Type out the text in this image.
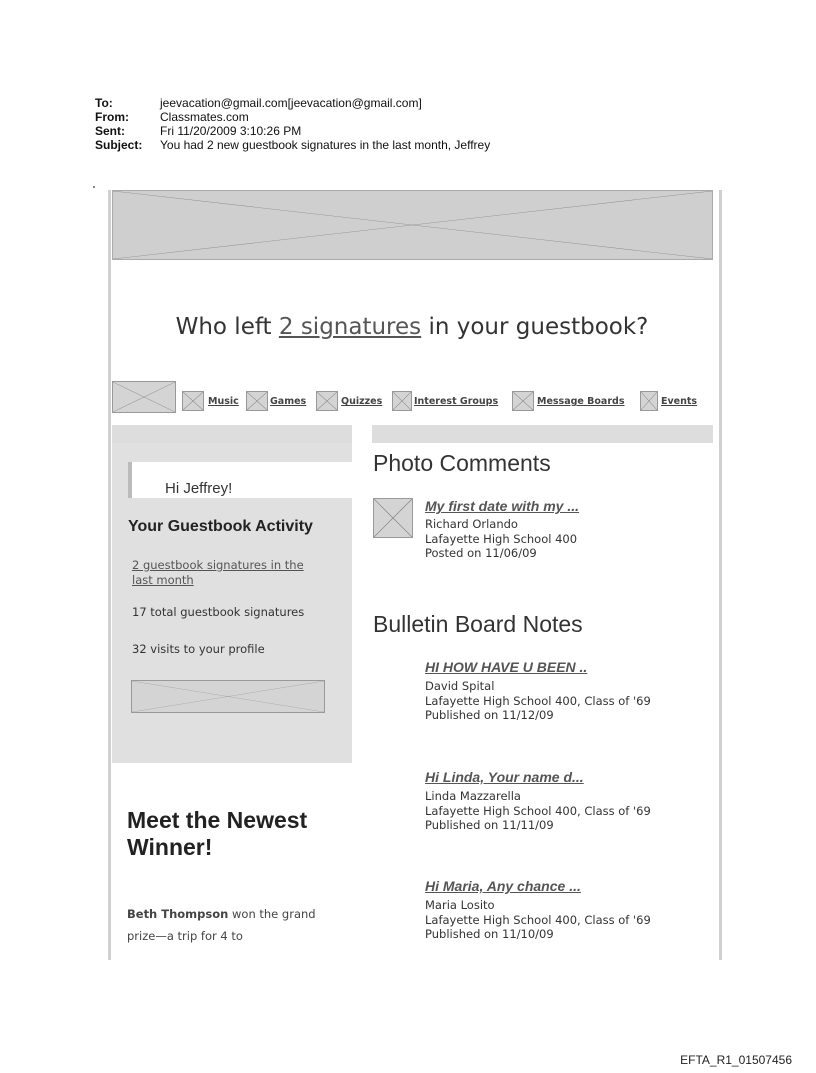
To:	jeevacation@gmail.com[jeevacation@gmail.com]
From:	Classmates.com
Sent:	Fri 11/20/2009 3:10:26 PM
Subject:	You had 2 new guestbook signatures in the last month, Jeffrey
Who left 2 signatures in your guestbook?
Music	Games	Quizzes	Interest Groups	Message Boards	Events
Hi Jeffrey!
Your Guestbook Activity
2 guestbook signatures in the last month
17 total guestbook signatures
32 visits to your profile
Photo Comments
My first date with my ...
Richard Orlando
Lafayette High School 400
Posted on 11/06/09
Bulletin Board Notes
HI HOW HAVE U BEEN ..
David Spital
Lafayette High School 400, Class of '69
Published on 11/12/09
Hi Linda, Your name d...
Linda Mazzarella
Lafayette High School 400, Class of '69
Published on 11/11/09
Hi Maria, Any chance ...
Maria Losito
Lafayette High School 400, Class of '69
Published on 11/10/09
Meet the Newest Winner!
Beth Thompson won the grand prize—a trip for 4 to
EFTA_R1_01507456
